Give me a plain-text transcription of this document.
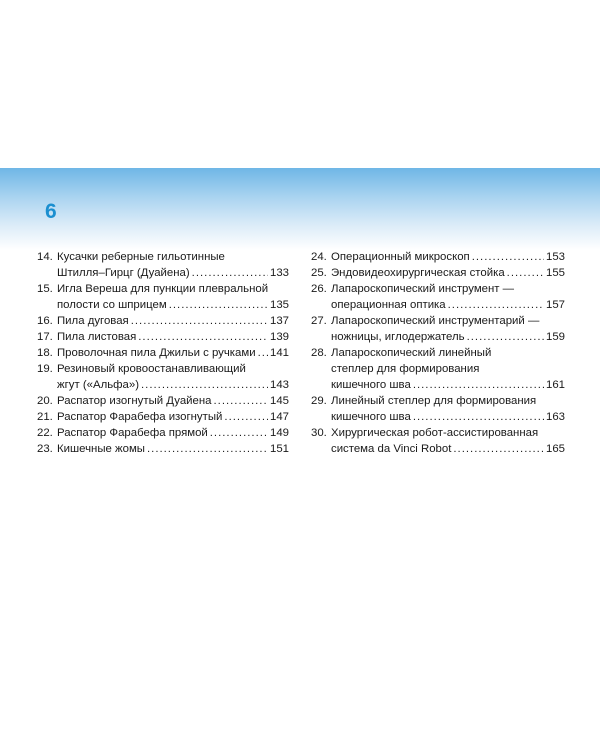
6
14. Кусачки реберные гильотинные
Штилля–Гирцг (Дуайена) .....	133
15. Игла Вереша для пункции плевральной
полости со шприцем .....	135
16. Пила дуговая .....	137
17. Пила листовая .....	139
18. Проволочная пила Джильи с ручками ..... 141
19. Резиновый кровоостанавливающий
жгут («Альфа») .....	143
20. Распатор изогнутый Дуайена .....	145
21. Распатор Фарабефа изогнутый .....	147
22. Распатор Фарабефа прямой .....	149
23. Кишечные жомы .....	151
24. Операционный микроскоп .....	153
25. Эндовидеохирургическая стойка .....	155
26. Лапароскопический инструмент —
операционная оптика .....	157
27. Лапароскопический инструментарий —
ножницы, иглодержатель .....	159
28. Лапароскопический линейный
степлер для формирования
кишечного шва .....	161
29. Линейный степлер для формирования
кишечного шва .....	163
30. Хирургическая робот-ассистированная
система da Vinci Robot .....	165
